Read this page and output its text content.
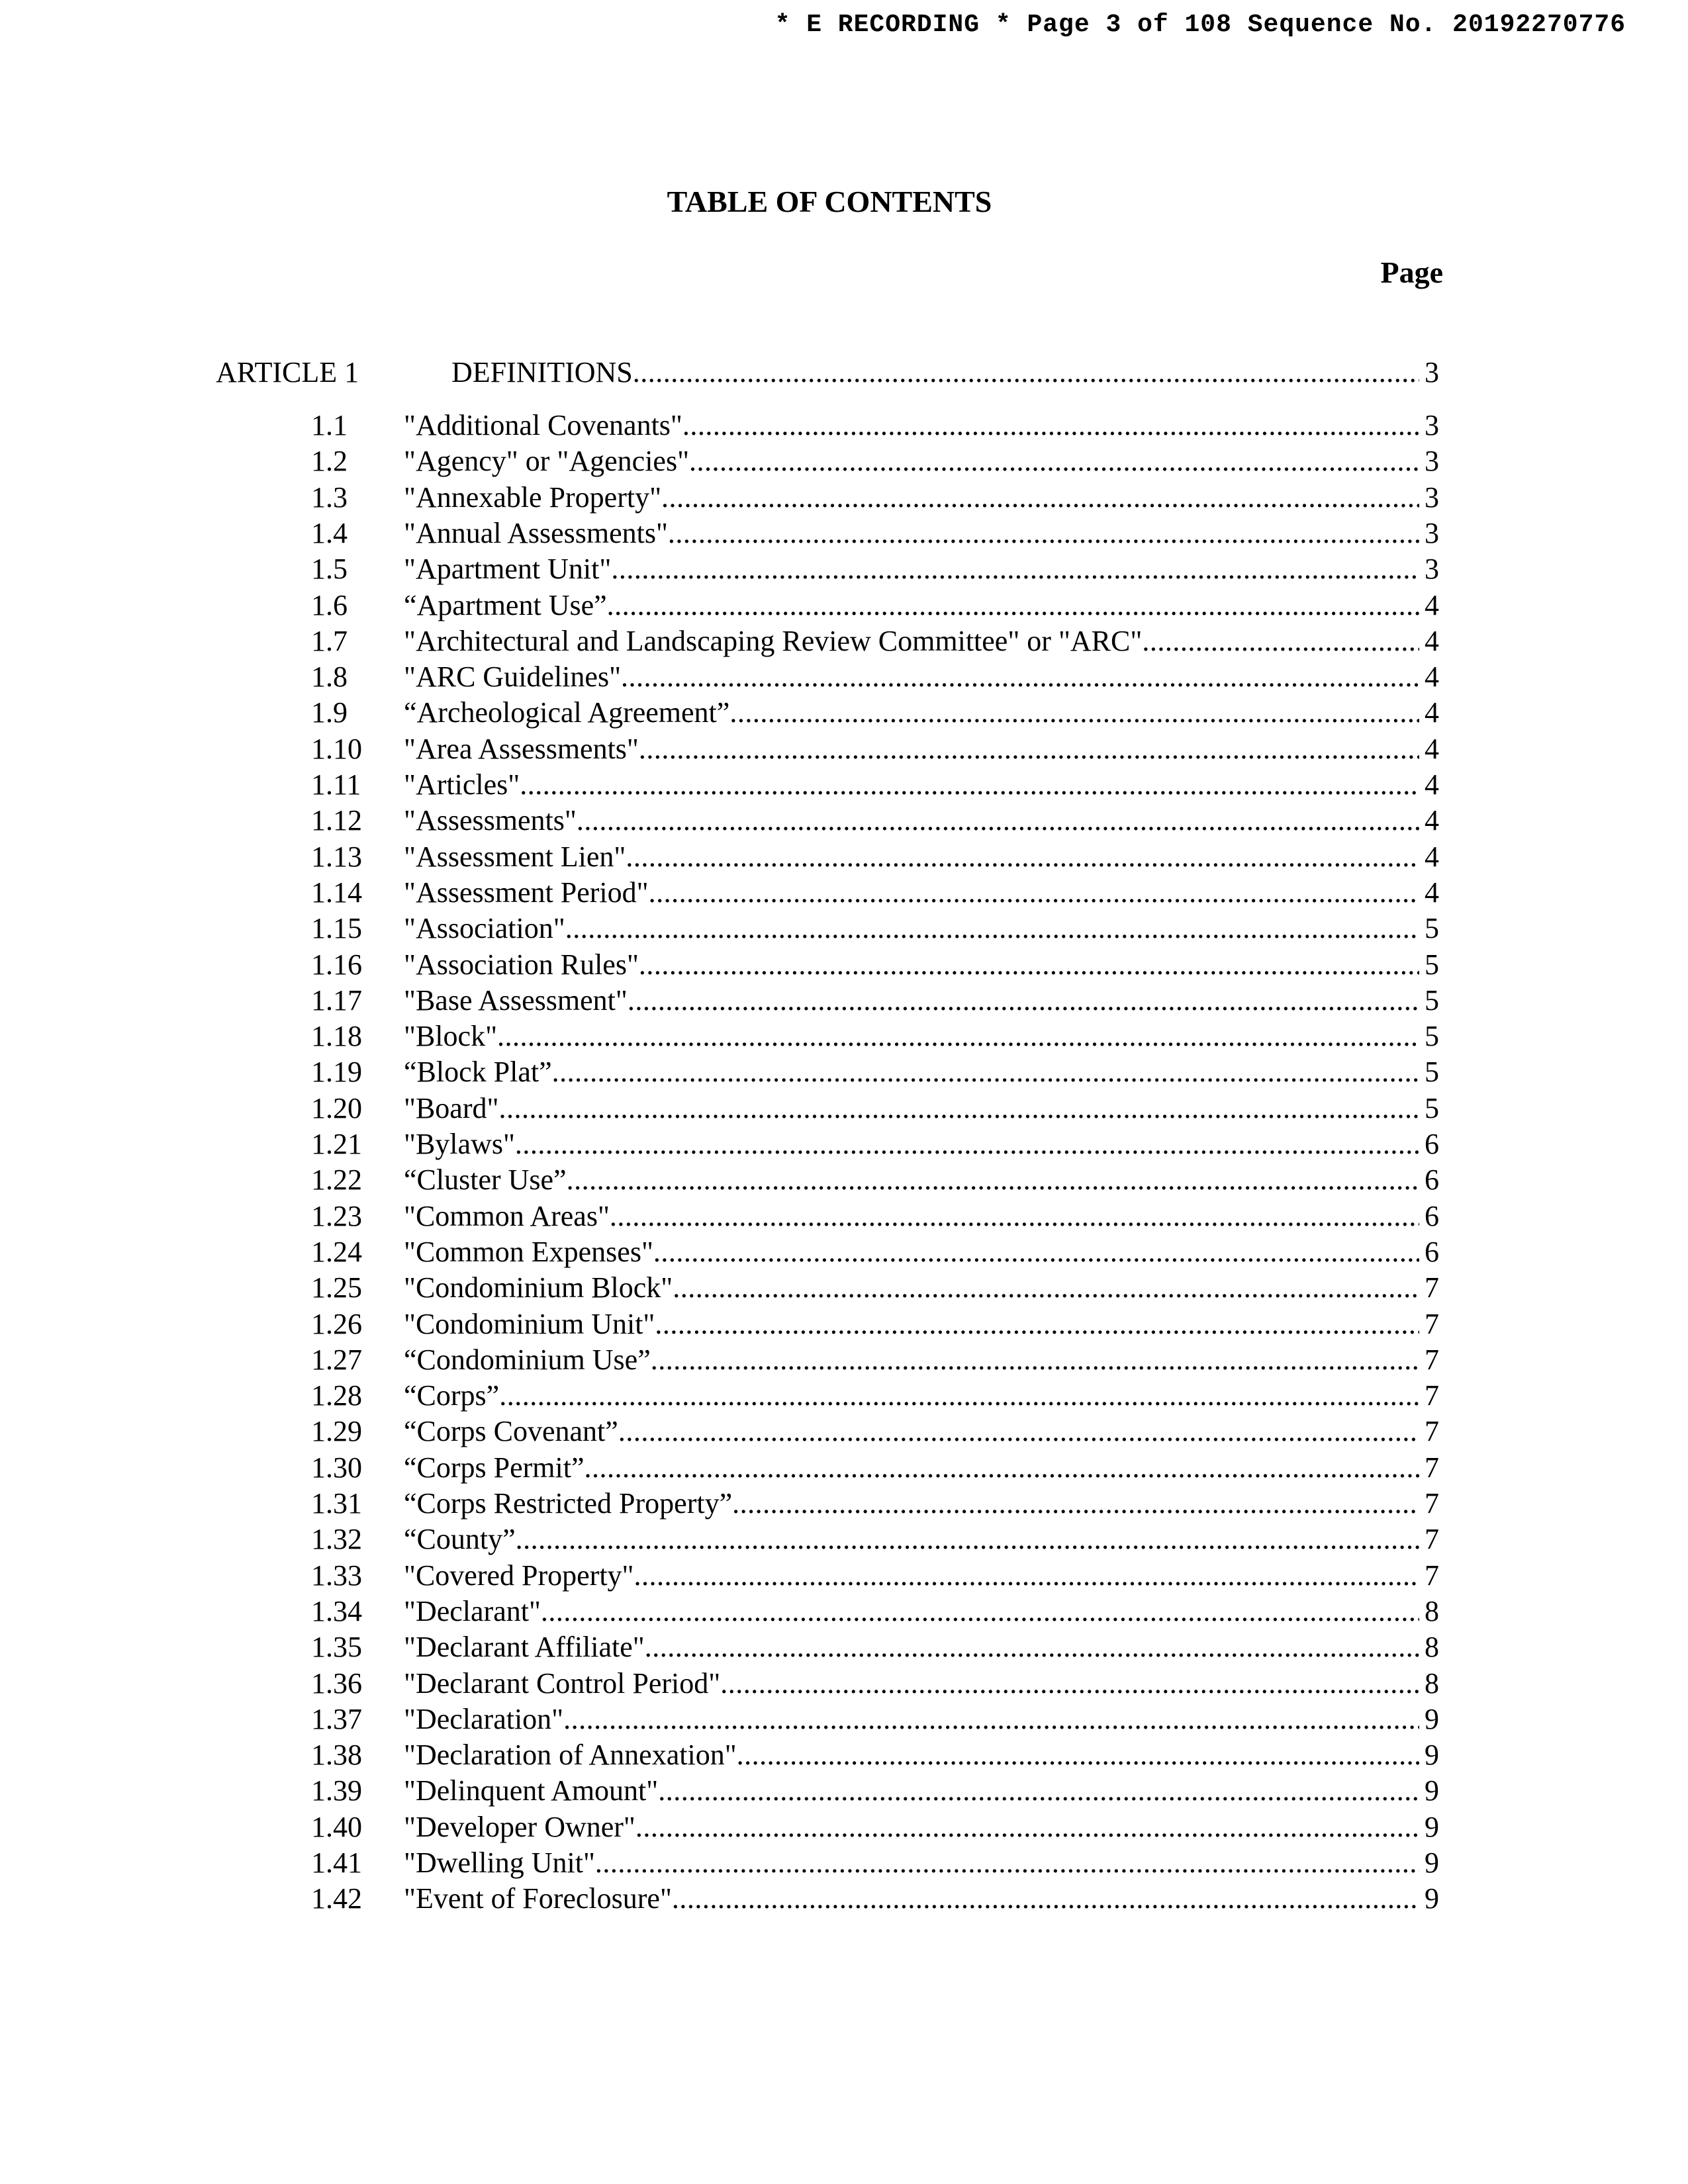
* E RECORDING * Page 3 of 108 Sequence No. 20192270776
TABLE OF CONTENTS
Page
ARTICLE 1	DEFINITIONS .....	3
1.1 "Additional Covenants" .....	3
1.2 "Agency" or "Agencies" .....	3
1.3 "Annexable Property" .....	3
1.4 "Annual Assessments" .....	3
1.5 "Apartment Unit" .....	3
1.6 “Apartment Use” .....	4
1.7 "Architectural and Landscaping Review Committee" or "ARC" .....	4
1.8 "ARC Guidelines" .....	4
1.9 “Archeological Agreement” .....	4
1.10 "Area Assessments" .....	4
1.11 "Articles" .....	4
1.12 "Assessments" .....	4
1.13 "Assessment Lien" .....	4
1.14 "Assessment Period" .....	4
1.15 "Association" .....	5
1.16 "Association Rules" .....	5
1.17 "Base Assessment" .....	5
1.18 "Block" .....	5
1.19 “Block Plat” .....	5
1.20 "Board" .....	5
1.21 "Bylaws" .....	6
1.22 “Cluster Use” .....	6
1.23 "Common Areas" .....	6
1.24 "Common Expenses" .....	6
1.25 "Condominium Block" .....	7
1.26 "Condominium Unit" .....	7
1.27 “Condominium Use” .....	7
1.28 “Corps” .....	7
1.29 “Corps Covenant” .....	7
1.30 “Corps Permit” .....	7
1.31 “Corps Restricted Property” .....	7
1.32 “County” .....	7
1.33 "Covered Property" .....	7
1.34 "Declarant" .....	8
1.35 "Declarant Affiliate" .....	8
1.36 "Declarant Control Period" .....	8
1.37 "Declaration" .....	9
1.38 "Declaration of Annexation" .....	9
1.39 "Delinquent Amount" .....	9
1.40 "Developer Owner" .....	9
1.41 "Dwelling Unit" .....	9
1.42 "Event of Foreclosure" .....	9
